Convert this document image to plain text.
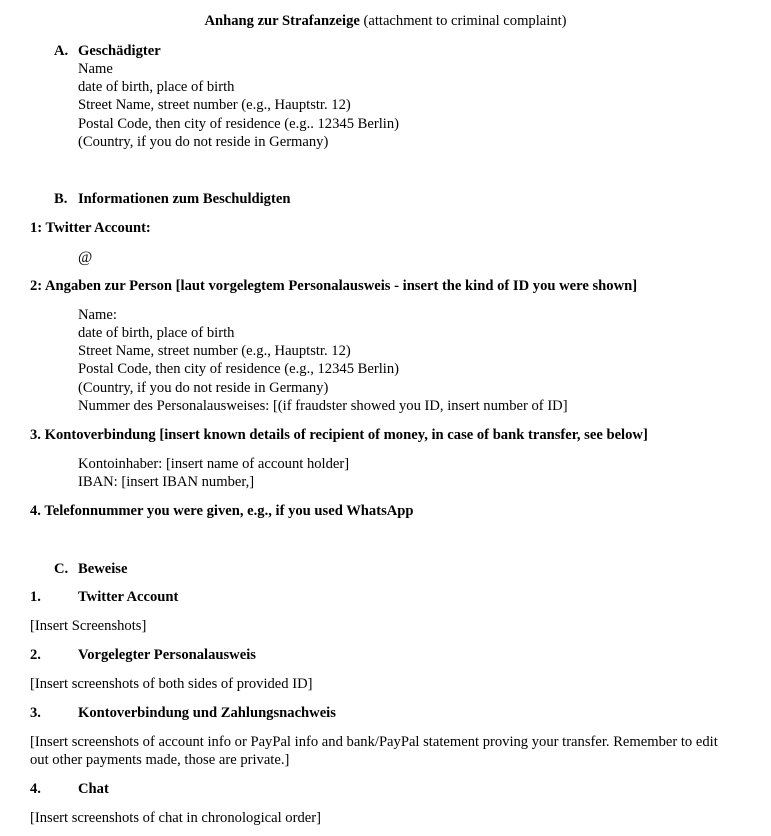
Anhang zur Strafanzeige (attachment to criminal complaint)
A. Geschädigter
Name
date of birth, place of birth
Street Name, street number (e.g., Hauptstr. 12)
Postal Code, then city of residence (e.g.. 12345 Berlin)
(Country, if you do not reside in Germany)
B. Informationen zum Beschuldigten
1: Twitter Account:
@
2: Angaben zur Person [laut vorgelegtem Personalausweis - insert the kind of ID you were shown]
Name:
date of birth, place of birth
Street Name, street number (e.g., Hauptstr. 12)
Postal Code, then city of residence (e.g., 12345 Berlin)
(Country, if you do not reside in Germany)
Nummer des Personalausweises: [(if fraudster showed you ID, insert number of ID]
3. Kontoverbindung [insert known details of recipient of money, in case of bank transfer, see below]
Kontoinhaber: [insert name of account holder]
IBAN: [insert IBAN number,]
4. Telefonnummer you were given, e.g., if you used WhatsApp
C. Beweise
1.	Twitter Account
[Insert Screenshots]
2.	Vorgelegter Personalausweis
[Insert screenshots of both sides of provided ID]
3.	Kontoverbindung und Zahlungsnachweis
[Insert screenshots of account info or PayPal info and bank/PayPal statement proving your transfer. Remember to edit
out other payments made, those are private.]
4.	Chat
[Insert screenshots of chat in chronological order]
